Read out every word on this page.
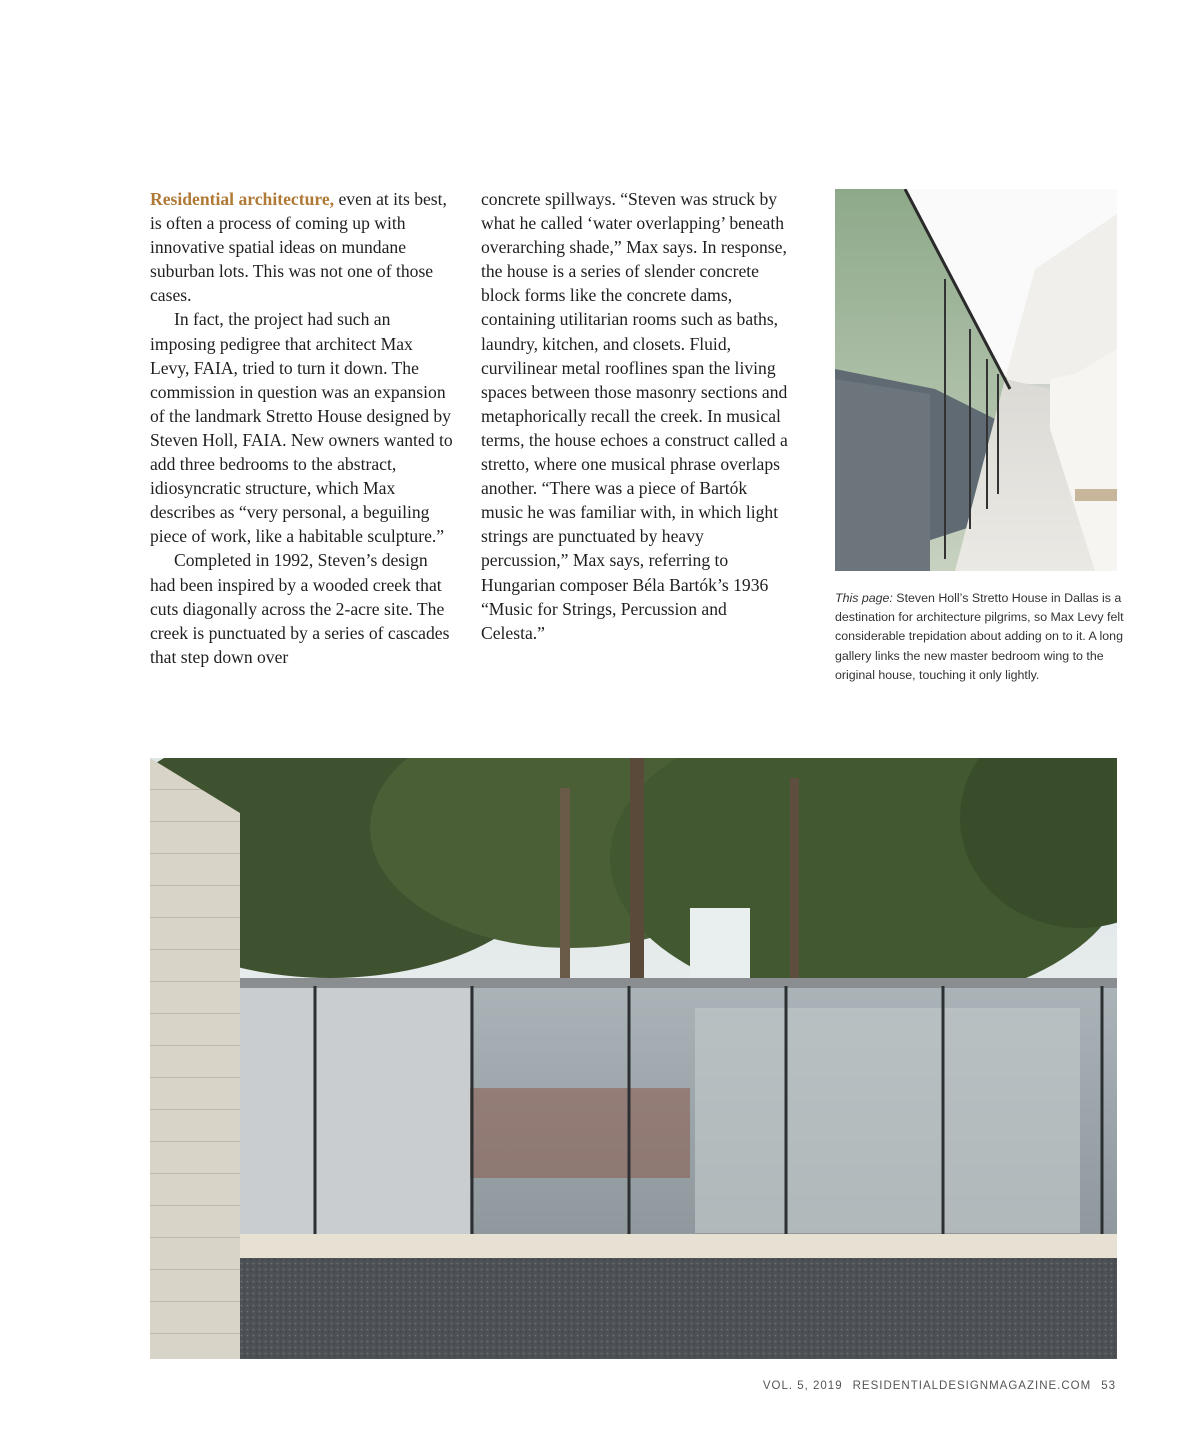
Residential architecture, even at its best, is often a process of coming up with innovative spatial ideas on mundane suburban lots. This was not one of those cases.

In fact, the project had such an imposing pedigree that architect Max Levy, FAIA, tried to turn it down. The commission in question was an expansion of the landmark Stretto House designed by Steven Holl, FAIA. New owners wanted to add three bedrooms to the abstract, idiosyncratic structure, which Max describes as “very personal, a beguiling piece of work, like a habitable sculpture.”

Completed in 1992, Steven’s design had been inspired by a wooded creek that cuts diagonally across the 2-acre site. The creek is punctuated by a series of cascades that step down over

concrete spillways. “Steven was struck by what he called ‘water overlapping’ beneath overarching shade,” Max says. In response, the house is a series of slender concrete block forms like the concrete dams, containing utilitarian rooms such as baths, laundry, kitchen, and closets. Fluid, curvilinear metal rooflines span the living spaces between those masonry sections and metaphorically recall the creek. In musical terms, the house echoes a construct called a stretto, where one musical phrase overlaps another. “There was a piece of Bartók music he was familiar with, in which light strings are punctuated by heavy percussion,” Max says, referring to Hungarian composer Béla Bartók’s 1936 “Music for Strings, Percussion and Celesta.”

This page: Steven Holl’s Stretto House in Dallas is a destination for architecture pilgrims, so Max Levy felt considerable trepidation about adding on to it. A long gallery links the new master bedroom wing to the original house, touching it only lightly.
VOL. 5, 2019 RESIDENTIALDESIGNMAGAZINE.COM 53
